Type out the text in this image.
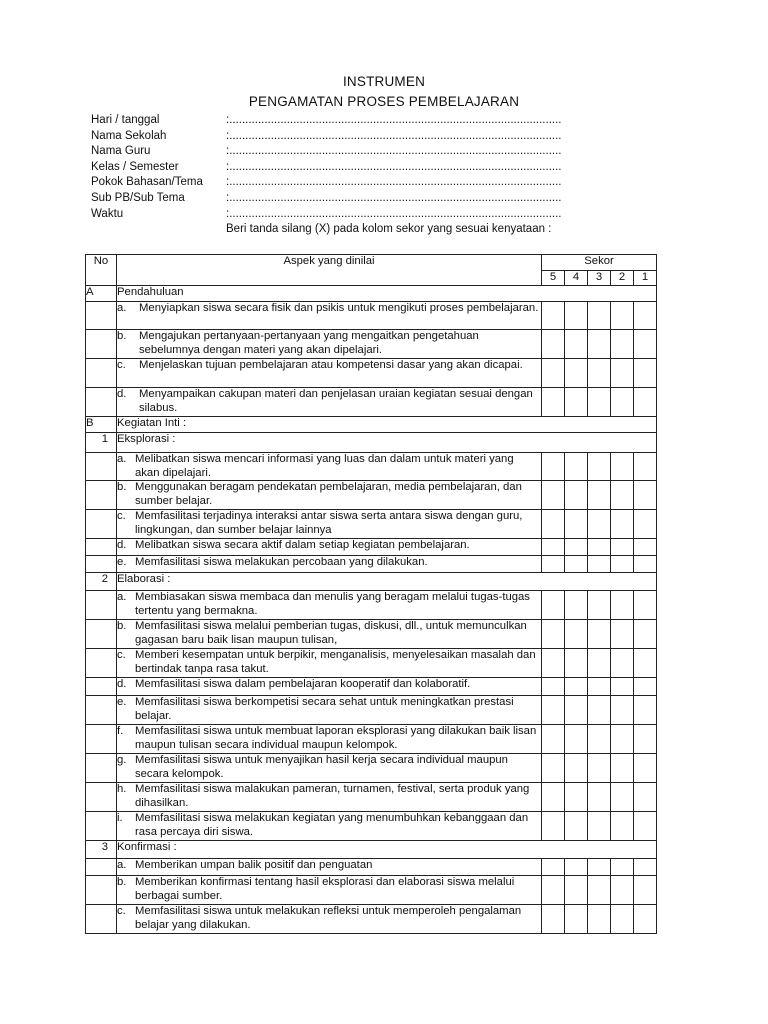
INSTRUMEN
PENGAMATAN PROSES PEMBELAJARAN
Hari / tanggal	:........................................................................................................
Nama Sekolah	:........................................................................................................
Nama Guru	:........................................................................................................
Kelas / Semester	:........................................................................................................
Pokok Bahasan/Tema	:........................................................................................................
Sub PB/Sub Tema	:........................................................................................................
Waktu	:........................................................................................................
Beri tanda silang (X) pada kolom sekor yang sesuai kenyataan :
No	Aspek yang dinilai	Sekor				
		5	4	3	2	1
A	Pendahuluan					

	a. Menyiapkan siswa secara fisik dan psikis untuk mengikuti proses pembelajaran.					

	b. Mengajukan pertanyaan-pertanyaan yang mengaitkan pengetahuan sebelumnya dengan materi yang akan dipelajari.					

	c. Menjelaskan tujuan pembelajaran atau kompetensi dasar yang akan dicapai.					

	d. Menyampaikan cakupan materi dan penjelasan uraian kegiatan sesuai dengan silabus.					

B	Kegiatan Inti :					
1	Eksplorasi :					

	a. Melibatkan siswa mencari informasi yang luas dan dalam untuk materi yang akan dipelajari.					

	b. Menggunakan beragam pendekatan pembelajaran, media pembelajaran, dan sumber belajar.					

	c. Memfasilitasi terjadinya interaksi antar siswa serta antara siswa dengan guru, lingkungan, dan sumber belajar lainnya					

	d. Melibatkan siswa secara aktif dalam setiap kegiatan pembelajaran.					

	e. Memfasilitasi siswa melakukan percobaan yang dilakukan.					

2	Elaborasi :					

	a. Membiasakan siswa membaca dan menulis yang beragam melalui tugas-tugas tertentu yang bermakna.					

	b. Memfasilitasi siswa melalui pemberian tugas, diskusi, dll., untuk memunculkan gagasan baru baik lisan maupun tulisan,					

	c. Memberi kesempatan untuk berpikir, menganalisis, menyelesaikan masalah dan bertindak tanpa rasa takut.					

	d. Memfasilitasi siswa dalam pembelajaran kooperatif dan kolaboratif.					

	e. Memfasilitasi siswa berkompetisi secara sehat untuk meningkatkan prestasi belajar.					

	f. Memfasilitasi siswa untuk membuat laporan eksplorasi yang dilakukan baik lisan maupun tulisan secara individual maupun kelompok.					

	g. Memfasilitasi siswa untuk menyajikan hasil kerja secara individual maupun secara kelompok.					

	h. Memfasilitasi siswa malakukan pameran, turnamen, festival, serta produk yang dihasilkan.					

	i. Memfasilitasi siswa melakukan kegiatan yang menumbuhkan kebanggaan dan rasa percaya diri siswa.					

3	Konfirmasi :					

	a. Memberikan umpan balik positif dan penguatan					

	b. Memberikan konfirmasi tentang hasil eksplorasi dan elaborasi siswa melalui berbagai sumber.					

	c. Memfasilitasi siswa untuk melakukan refleksi untuk memperoleh pengalaman belajar yang dilakukan.					
